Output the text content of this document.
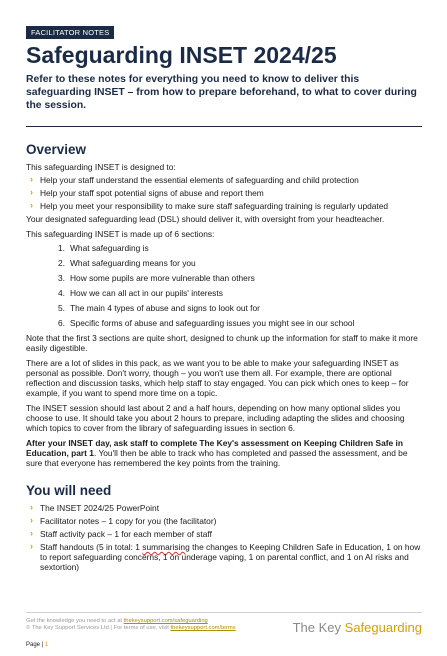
FACILITATOR NOTES
Safeguarding INSET 2024/25

Refer to these notes for everything you need to know to deliver this safeguarding INSET – from how to prepare beforehand, to what to cover during the session.

Overview

This safeguarding INSET is designed to:

› Help your staff understand the essential elements of safeguarding and child protection
› Help your staff spot potential signs of abuse and report them
› Help you meet your responsibility to make sure staff safeguarding training is regularly updated

Your designated safeguarding lead (DSL) should deliver it, with oversight from your headteacher.

This safeguarding INSET is made up of 6 sections:

1. What safeguarding is
2. What safeguarding means for you
3. How some pupils are more vulnerable than others
4. How we can all act in our pupils' interests
5. The main 4 types of abuse and signs to look out for
6. Specific forms of abuse and safeguarding issues you might see in our school

Note that the first 3 sections are quite short, designed to chunk up the information for staff to make it more easily digestible.

There are a lot of slides in this pack, as we want you to be able to make your safeguarding INSET as personal as possible. Don't worry, though – you won't use them all. For example, there are optional reflection and discussion tasks, which help staff to stay engaged. You can pick which ones to keep – for example, if you want to spend more time on a topic.

The INSET session should last about 2 and a half hours, depending on how many optional slides you choose to use. It should take you about 2 hours to prepare, including adapting the slides and choosing which topics to cover from the library of safeguarding issues in section 6.

After your INSET day, ask staff to complete The Key's assessment on Keeping Children Safe in Education, part 1. You'll then be able to track who has completed and passed the assessment, and be sure that everyone has remembered the key points from the training.

You will need
› The INSET 2024/25 PowerPoint
› Facilitator notes – 1 copy for you (the facilitator)
› Staff activity pack – 1 for each member of staff
› Staff handouts (5 in total: 1 summarising the changes to Keeping Children Safe in Education, 1 on how to report safeguarding concerns, 1 on underage vaping, 1 on parental conflict, and 1 on AI risks and sextortion)
Get the knowledge you need to act at thekeysupport.com/safeguarding
© The Key Support Services Ltd | For terms of use, visit thekeysupport.com/terms	The Key Safeguarding
Page | 1
